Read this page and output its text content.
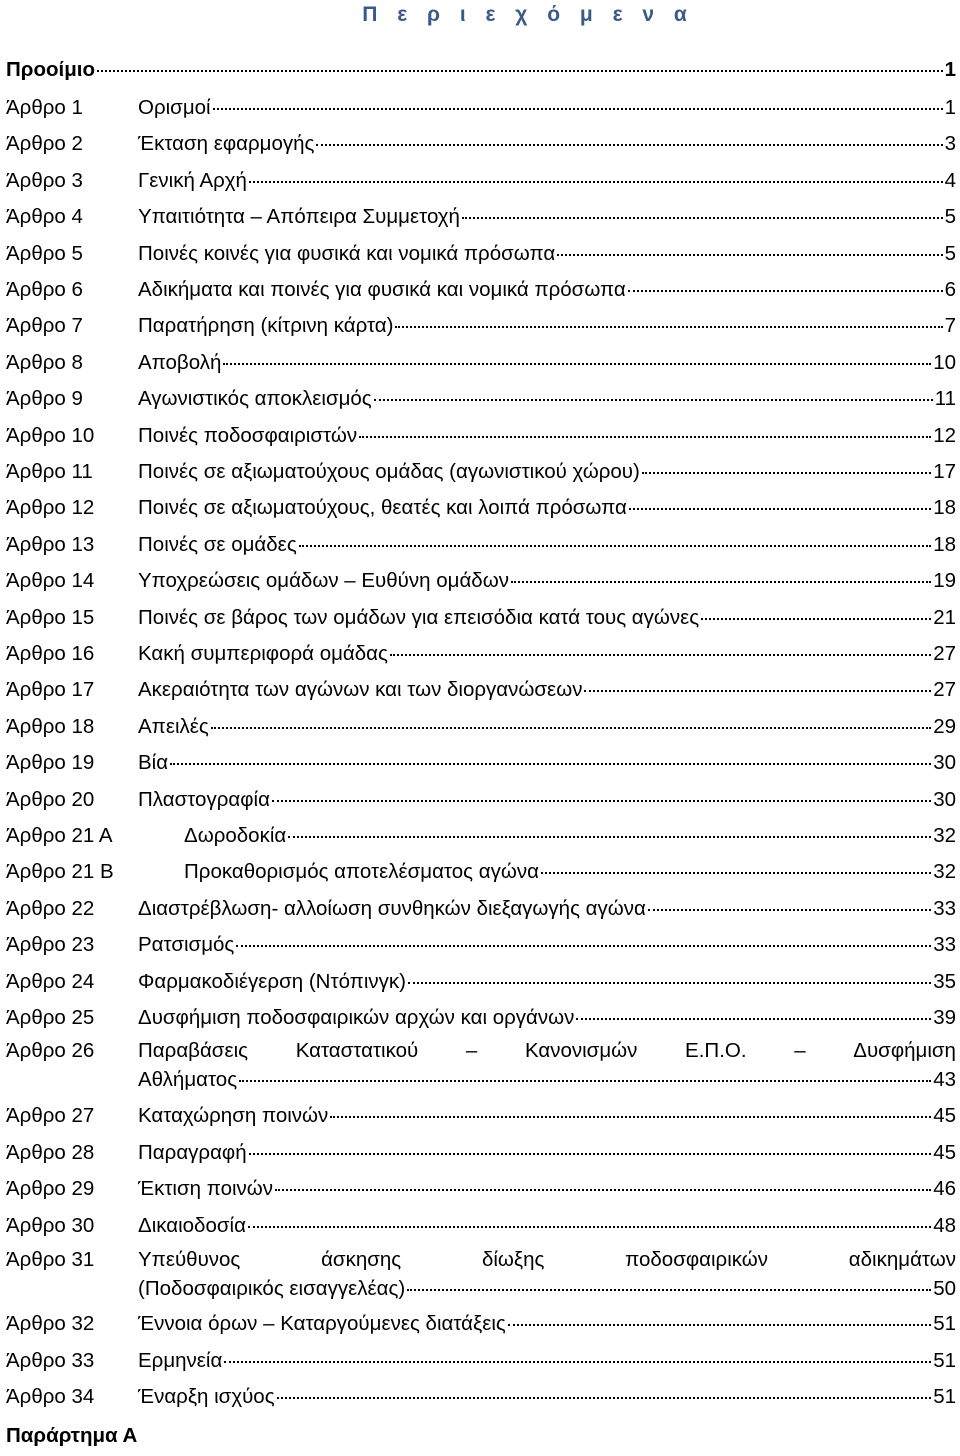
Π ε ρ ι ε χ ό μ ε ν α
Προοίμιο	1
Άρθρο 1	Ορισμοί	1
Άρθρο 2	Έκταση εφαρμογής	3
Άρθρο 3	Γενική Αρχή	4
Άρθρο 4	Υπαιτιότητα – Απόπειρα Συμμετοχή	5
Άρθρο 5	Ποινές κοινές για φυσικά και νομικά πρόσωπα	5
Άρθρο 6	Αδικήματα και ποινές για φυσικά και νομικά πρόσωπα	6
Άρθρο 7	Παρατήρηση (κίτρινη κάρτα)	7
Άρθρο 8	Αποβολή	10
Άρθρο 9	Αγωνιστικός αποκλεισμός	11
Άρθρο 10 Ποινές ποδοσφαιριστών	12
Άρθρο 11 Ποινές σε αξιωματούχους ομάδας (αγωνιστικού χώρου)	17
Άρθρο 12 Ποινές σε αξιωματούχους, θεατές και λοιπά πρόσωπα	18
Άρθρο 13 Ποινές σε ομάδες	18
Άρθρο 14 Υποχρεώσεις ομάδων – Ευθύνη ομάδων	19
Άρθρο 15 Ποινές σε βάρος των ομάδων για επεισόδια κατά τους αγώνες	21
Άρθρο 16 Κακή συμπεριφορά ομάδας	27
Άρθρο 17 Ακεραιότητα των αγώνων και των διοργανώσεων	27
Άρθρο 18 Απειλές	29
Άρθρο 19 Βία	30
Άρθρο 20 Πλαστογραφία	30
Άρθρο 21 Α	Δωροδοκία	32
Άρθρο 21 Β	Προκαθορισμός αποτελέσματος αγώνα	32
Άρθρο 22 Διαστρέβλωση- αλλοίωση συνθηκών διεξαγωγής αγώνα	33
Άρθρο 23 Ρατσισμός	33
Άρθρο 24 Φαρμακοδιέγερση (Ντόπινγκ)	35
Άρθρο 25 Δυσφήμιση ποδοσφαιρικών αρχών και οργάνων	39
Άρθρο 26 Παραβάσεις Καταστατικού – Κανονισμών Ε.Π.Ο. – Δυσφήμιση
Αθλήματος	43
Άρθρο 27 Καταχώρηση ποινών	45
Άρθρο 28 Παραγραφή	45
Άρθρο 29 Έκτιση ποινών	46
Άρθρο 30 Δικαιοδοσία	48
Άρθρο 31 Υπεύθυνος	άσκησης	δίωξης	ποδοσφαιρικών	αδικημάτων
(Ποδοσφαιρικός εισαγγελέας)	50
Άρθρο 32 Έννοια όρων – Καταργούμενες διατάξεις	51
Άρθρο 33 Ερμηνεία	51
Άρθρο 34 Έναρξη ισχύος	51
Παράρτημα Α
